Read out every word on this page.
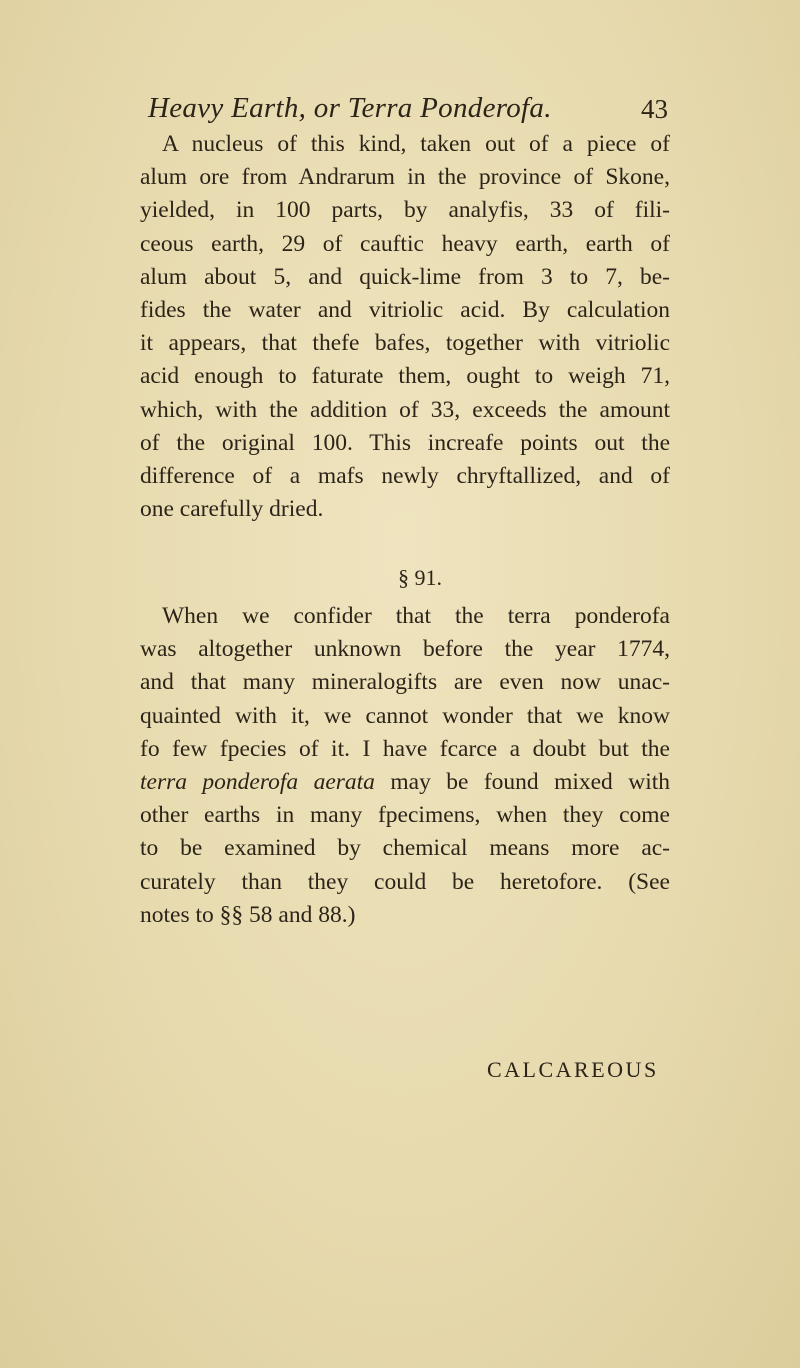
Heavy Earth, or Terra Ponderofa.	43
A nucleus of this kind, taken out of a piece of
alum ore from Andrarum in the province of Skone,
yielded, in 100 parts, by analyfis, 33 of fili-
ceous earth, 29 of cauftic heavy earth, earth of
alum about 5, and quick-lime from 3 to 7, be-
fides the water and vitriolic acid. By calculation
it appears, that thefe bafes, together with vitriolic
acid enough to faturate them, ought to weigh 71,
which, with the addition of 33, exceeds the amount
of the original 100. This increafe points out the
difference of a mafs newly chryftallized, and of
one carefully dried.
§ 91.
When we confider that the terra ponderofa
was altogether unknown before the year 1774,
and that many mineralogifts are even now unac-
quainted with it, we cannot wonder that we know
fo few fpecies of it. I have fcarce a doubt but the
terra ponderofa aerata may be found mixed with
other earths in many fpecimens, when they come
to be examined by chemical means more ac-
curately than they could be heretofore. (See
notes to §§ 58 and 88.)
CALCAREOUS
